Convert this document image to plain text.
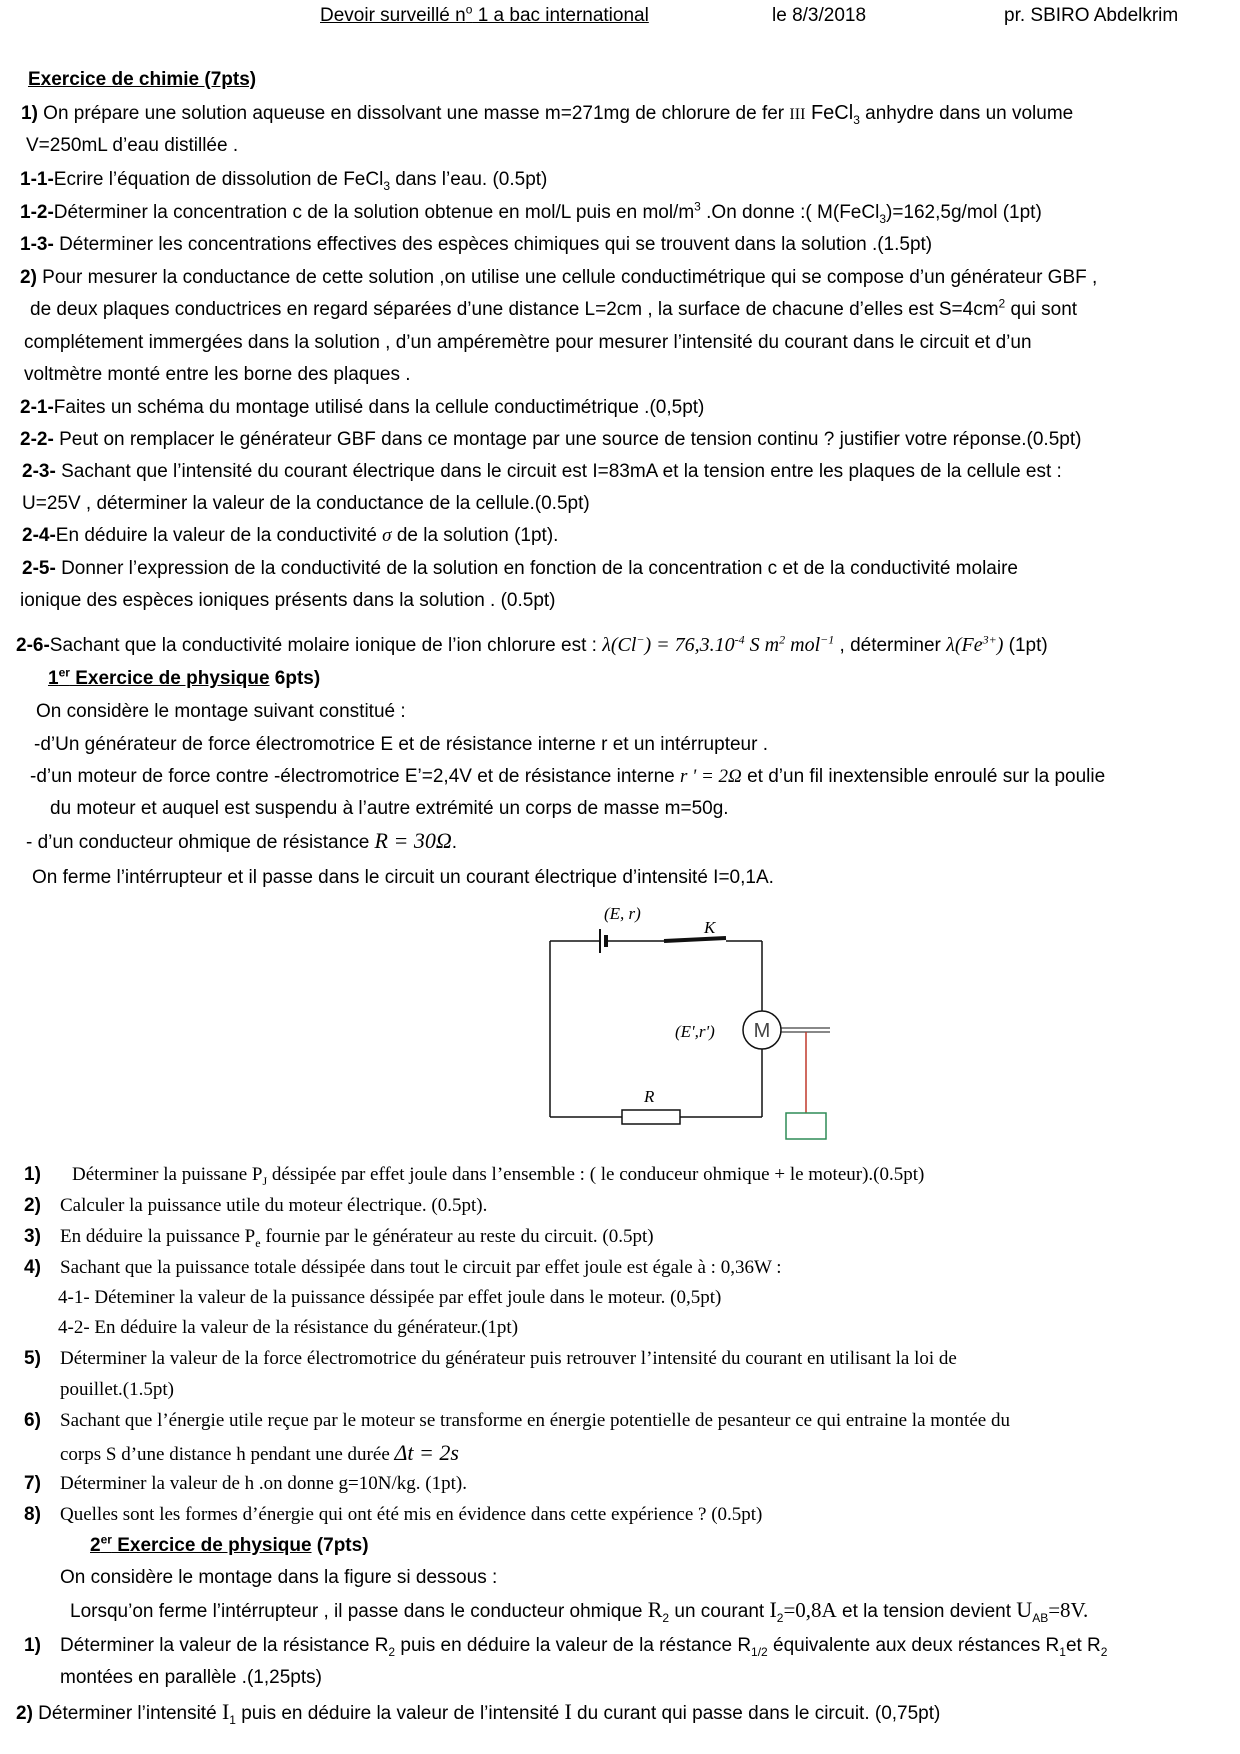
Devoir surveillé $n^o$ 1 a bac international	le 8/3/2018	pr. SBIRO Abdelkrim
Exercice de chimie (7pts)
1) On prépare une solution aqueuse en dissolvant une masse m=271mg de chlorure de fer III FeCl$_3$ anhydre dans un volume
V=250mL d’eau distillée .
1-1-Ecrire l’équation de dissolution de FeCl$_3$ dans l’eau. (0.5pt)
1-2-Déterminer la concentration c de la solution obtenue en mol/L puis en mol/$m^3$ .On donne :( M(FeCl$_3$)=162,5g/mol (1pt)
1-3- Déterminer les concentrations effectives des espèces chimiques qui se trouvent dans la solution .(1.5pt)
2) Pour mesurer la conductance de cette solution ,on utilise une cellule conductimétrique qui se compose d’un générateur GBF ,
de deux plaques conductrices en regard séparées d’une distance L=2cm , la surface de chacune d’elles est $S=4cm^2$ qui sont
complétement immergées dans la solution , d’un ampéremètre pour mesurer l’intensité du courant dans le circuit et d’un
voltmètre monté entre les borne des plaques .
2-1-Faites un schéma du montage utilisé dans la cellule conductimétrique .(0,5pt)
2-2- Peut on remplacer le générateur GBF dans ce montage par une source de tension continu ? justifier votre réponse.(0.5pt)
2-3- Sachant que l’intensité du courant électrique dans le circuit est I=83mA et la tension entre les plaques de la cellule est :
U=25V , déterminer la valeur de la conductance de la cellule.(0.5pt)
2-4-En déduire la valeur de la conductivité σ de la solution (1pt).
2-5- Donner l’expression de la conductivité de la solution en fonction de la concentration c et de la conductivité molaire
ionique des espèces ioniques présents dans la solution . (0.5pt)
2-6-Sachant que la conductivité molaire ionique de l’ion chlorure est : $\lambda(Cl^-) = 76,3.10^{-4}$ S $m^2$ mol$^{-1}$ , déterminer $\lambda(Fe^{3+})$ (1pt)
1er Exercice de physique 6pts)
On considère le montage suivant constitué :
-d’Un générateur de force électromotrice E et de résistance interne r et un intérrupteur .
-d’un moteur de force contre -électromotrice E’=2,4V et de résistance interne r ' = 2Ω et d’un fil inextensible enroulé sur la poulie
du moteur et auquel est suspendu à l’autre extrémité un corps de masse m=50g.
- d’un conducteur ohmique de résistance R = 30Ω.
On ferme l’intérrupteur et il passe dans le circuit un courant électrique d’intensité I=0,1A.
(E, r)
K
(E',r') M
R
1) Déterminer la puissane $P_J$ déssipée par effet joule dans l’ensemble : ( le conduceur ohmique + le moteur).(0.5pt)
2) Calculer la puissance utile du moteur électrique. (0.5pt).
3) En déduire la puissance $P_e$ fournie par le générateur au reste du circuit. (0.5pt)
4) Sachant que la puissance totale déssipée dans tout le circuit par effet joule est égale à : 0,36W :
4-1- Déteminer la valeur de la puissance déssipée par effet joule dans le moteur. (0,5pt)
4-2- En déduire la valeur de la résistance du générateur.(1pt)
5) Déterminer la valeur de la force électromotrice du générateur puis retrouver l’intensité du courant en utilisant la loi de
pouillet.(1.5pt)
6) Sachant que l’énergie utile reçue par le moteur se transforme en énergie potentielle de pesanteur ce qui entraine la montée du
corps S d’une distance h pendant une durée Δt = 2s
7) Déterminer la valeur de h .on donne g=10N/kg. (1pt).
8) Quelles sont les formes d’énergie qui ont été mis en évidence dans cette expérience ? (0.5pt)
2er Exercice de physique (7pts)
On considère le montage dans la figure si dessous :
Lorsqu’on ferme l’intérrupteur , il passe dans le conducteur ohmique $R_2$ un courant $I_2=0,8A$ et la tension devient $U_{AB}=8V$.
1) Déterminer la valeur de la résistance $R_2$ puis en déduire la valeur de la réstance $R_{1/2}$ équivalente aux deux réstances $R_1et$ $R_2$
montées en parallèle .(1,25pts)
2) Déterminer l’intensité $I_1$ puis en déduire la valeur de l’intensité I du curant qui passe dans le circuit. (0,75pt)
